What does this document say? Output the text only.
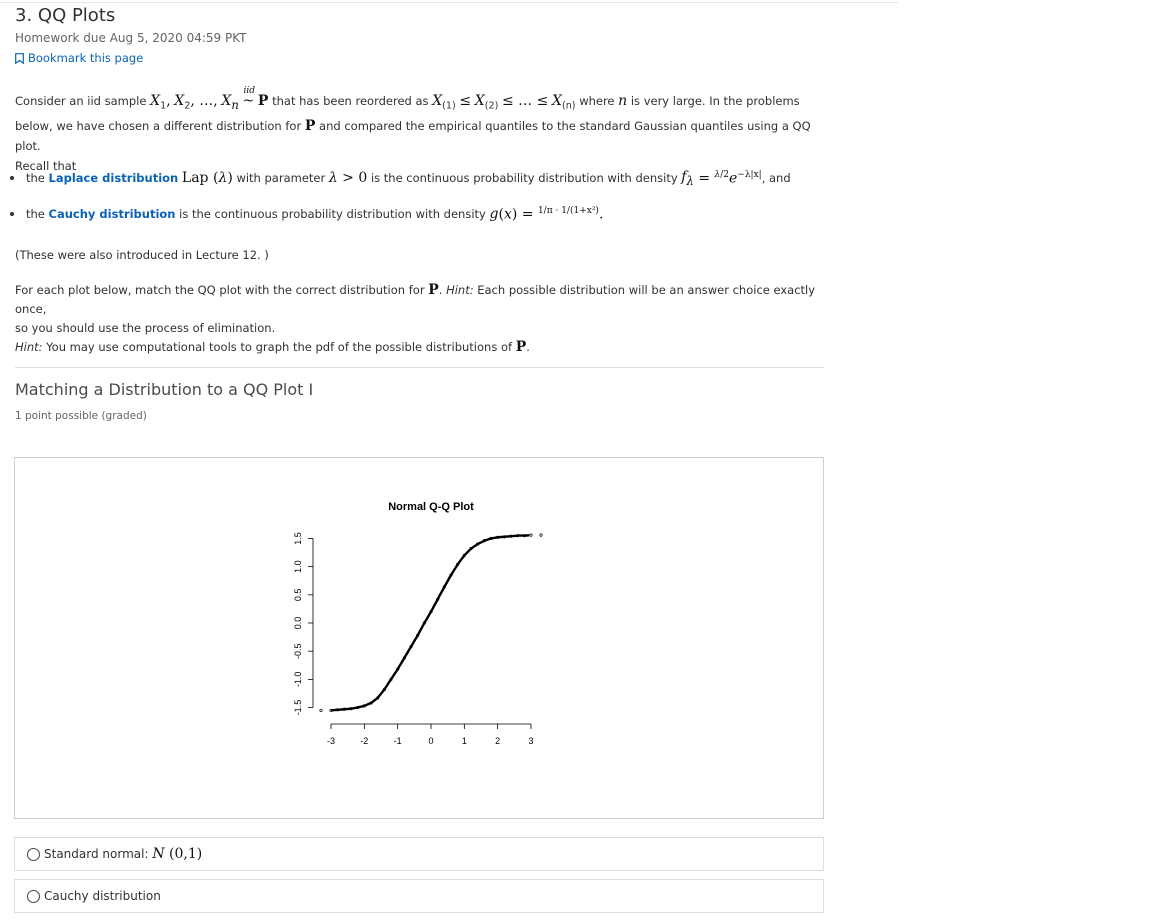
3. QQ Plots
Homework due Aug 5, 2020 04:59 PKT
Bookmark this page
Consider an iid sample $X_1$, $X_2$, …, $X_n$
iid
~ P that has been reordered as $X_{(1)} \le X_{(2)}$ ≤ … ≤ $X_{(n)}$ where n is very large. In the problems
below, we have chosen a different distribution for P and compared the empirical quantiles to the standard Gaussian quantiles using a QQ plot.
Recall that
the
Laplace distribution
Lap (λ)
with parameter
λ > 0
is the continuous probability distribution with density
$f_\lambda = ^{\lambda/2}e^{-\lambda|x|}$ , and
the
Cauchy distribution
is the continuous probability distribution with density
g (x) = $^{1/\pi \cdot 1/(1+x^2)}$.
(These were also introduced in Lecture 12. )
For each plot below, match the QQ plot with the correct distribution for P. Hint: Each possible distribution will be an answer choice exactly once,
so you should use the process of elimination.
Hint: You may use computational tools to graph the pdf of the possible distributions of P.
Matching a Distribution to a QQ Plot I
1 point possible (graded)
Normal Q-Q Plot
-3	-2	-1	0	1	2	3
-1.5
-1.0
-0.5
0.0
0.5
1.0
1.5
Standard normal:
N (0,1)
Cauchy distribution
